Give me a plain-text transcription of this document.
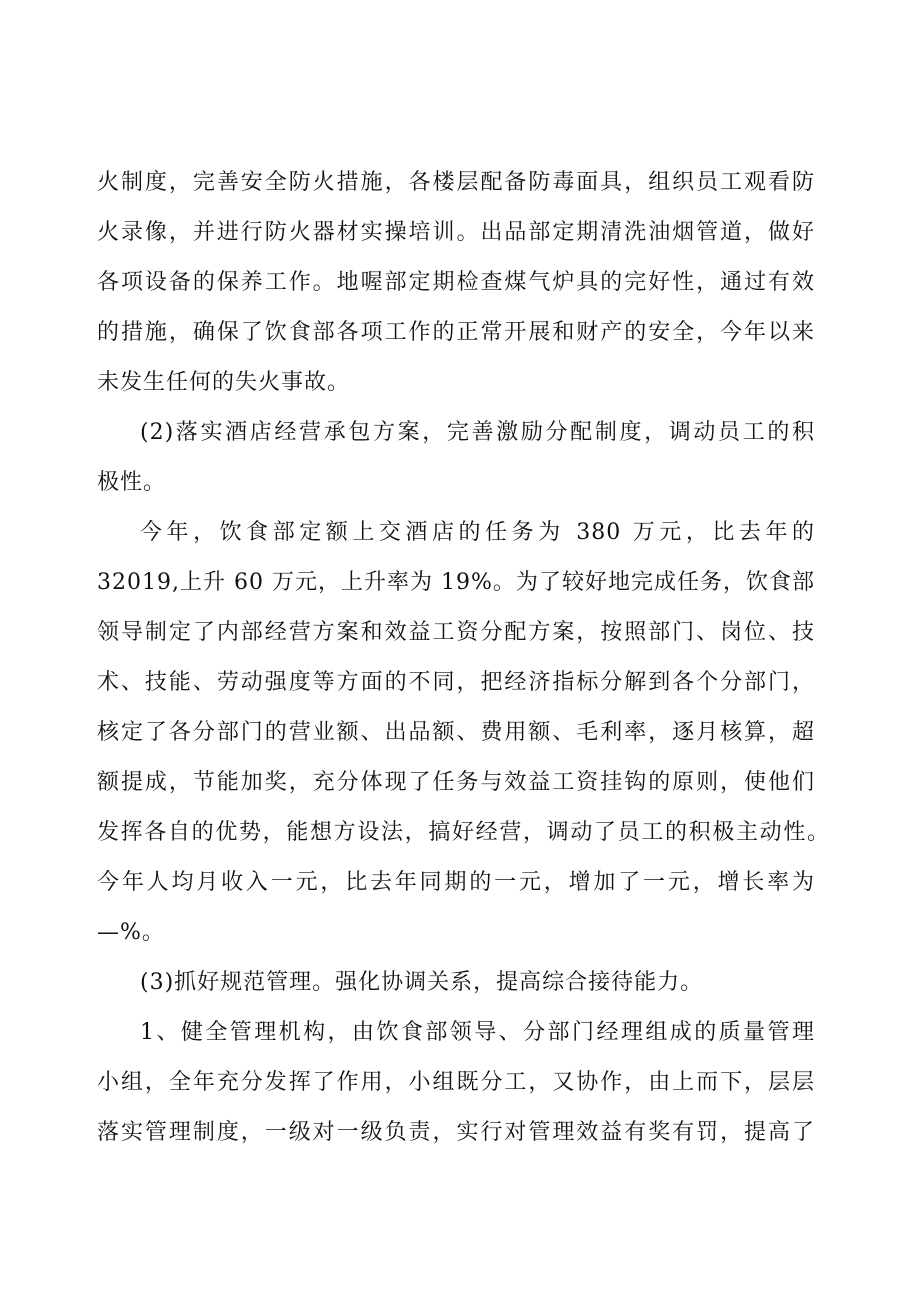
火制度，完善安全防火措施，各楼层配备防毒面具，组织员工观看防
火录像，并进行防火器材实操培训。出品部定期清洗油烟管道，做好
各项设备的保养工作。地喔部定期检查煤气炉具的完好性，通过有效
的措施，确保了饮食部各项工作的正常开展和财产的安全，今年以来
未发生任何的失火事故。
(2)落实酒店经营承包方案，完善激励分配制度，调动员工的积
极性。
今年，饮食部定额上交酒店的任务为 380 万元，比去年的
32019,上升 60 万元，上升率为 19%。为了较好地完成任务，饮食部
领导制定了内部经营方案和效益工资分配方案，按照部门、岗位、技
术、技能、劳动强度等方面的不同，把经济指标分解到各个分部门，
核定了各分部门的营业额、出品额、费用额、毛利率，逐月核算，超
额提成，节能加奖，充分体现了任务与效益工资挂钩的原则，使他们
发挥各自的优势，能想方设法，搞好经营，调动了员工的积极主动性。
今年人均月收入一元，比去年同期的一元，增加了一元，增长率为
—%。
(3)抓好规范管理。强化协调关系，提高综合接待能力。
1、健全管理机构，由饮食部领导、分部门经理组成的质量管理
小组，全年充分发挥了作用，小组既分工，又协作，由上而下，层层
落实管理制度，一级对一级负责，实行对管理效益有奖有罚，提高了
